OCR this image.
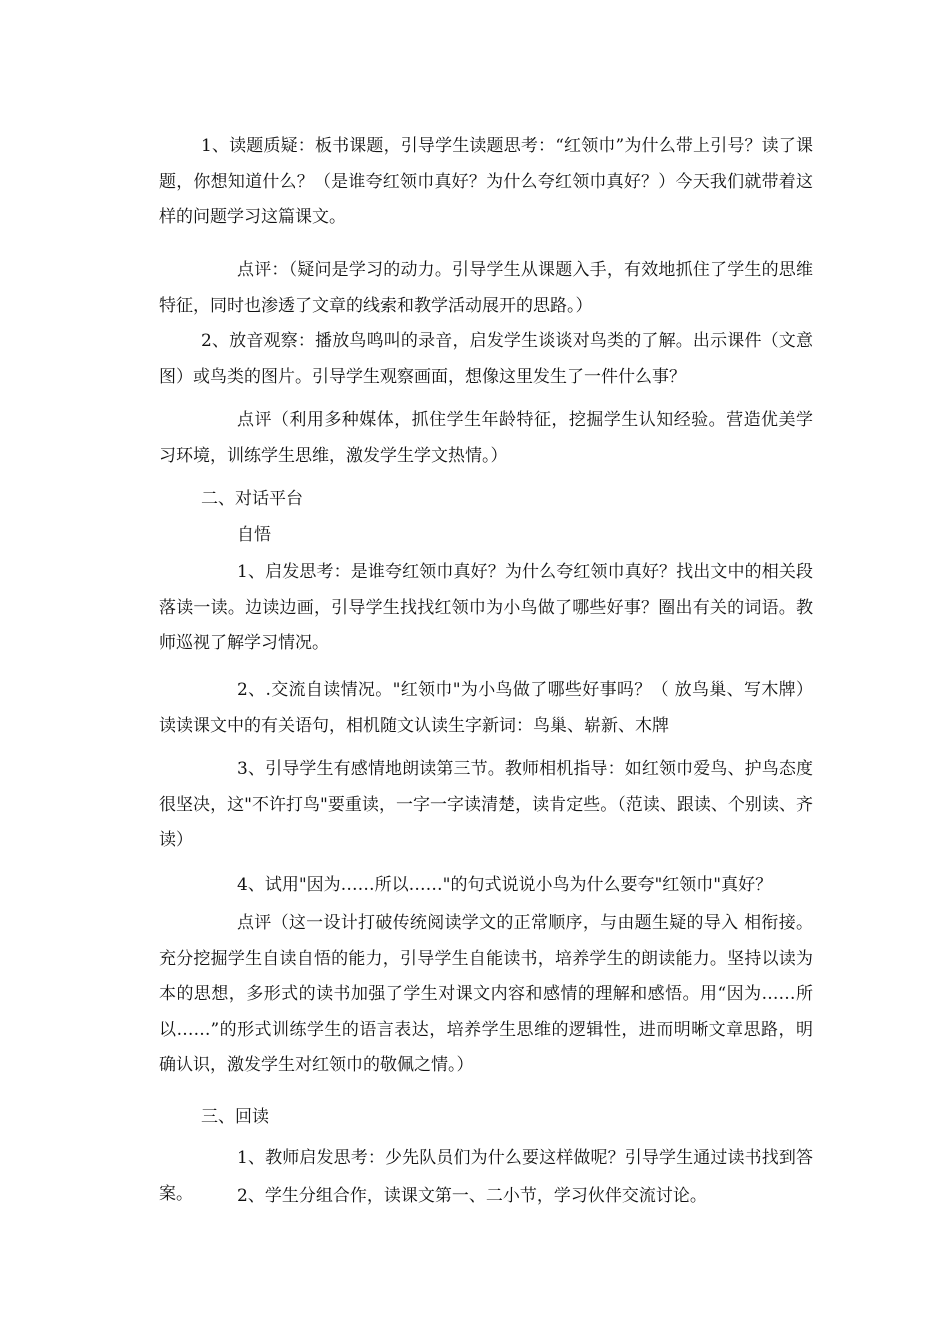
1、读题质疑：板书课题，引导学生读题思考：“红领巾”为什么带上引号？读了课题，你想知道什么？（是谁夸红领巾真好？为什么夸红领巾真好？）今天我们就带着这样的问题学习这篇课文。

点评：（疑问是学习的动力。引导学生从课题入手，有效地抓住了学生的思维特征，同时也渗透了文章的线索和教学活动展开的思路。）

2、放音观察：播放鸟鸣叫的录音，启发学生谈谈对鸟类的了解。出示课件（文意图）或鸟类的图片。引导学生观察画面，想像这里发生了一件什么事？

点评（利用多种媒体，抓住学生年龄特征，挖掘学生认知经验。营造优美学习环境，训练学生思维，激发学生学文热情。）

二、对话平台

自悟

1、启发思考：是谁夸红领巾真好？为什么夸红领巾真好？找出文中的相关段落读一读。边读边画，引导学生找找红领巾为小鸟做了哪些好事？圈出有关的词语。教师巡视了解学习情况。

2、.交流自读情况。"红领巾"为小鸟做了哪些好事吗？（ 放鸟巢、写木牌）读读课文中的有关语句，相机随文认读生字新词：鸟巢、崭新、木牌

3、引导学生有感情地朗读第三节。教师相机指导：如红领巾爱鸟、护鸟态度很坚决，这"不许打鸟"要重读，一字一字读清楚，读肯定些。（范读、跟读、个别读、齐读）

4、试用"因为……所以……"的句式说说小鸟为什么要夸"红领巾"真好？

点评（这一设计打破传统阅读学文的正常顺序，与由题生疑的导入 相衔接。充分挖掘学生自读自悟的能力，引导学生自能读书，培养学生的朗读能力。坚持以读为本的思想，多形式的读书加强了学生对课文内容和感情的理解和感悟。用“因为……所以……”的形式训练学生的语言表达，培养学生思维的逻辑性，进而明晰文章思路，明确认识，激发学生对红领巾的敬佩之情。）

三、回读

1、教师启发思考：少先队员们为什么要这样做呢？引导学生通过读书找到答案。	2、学生分组合作，读课文第一、二小节，学习伙伴交流讨论。
